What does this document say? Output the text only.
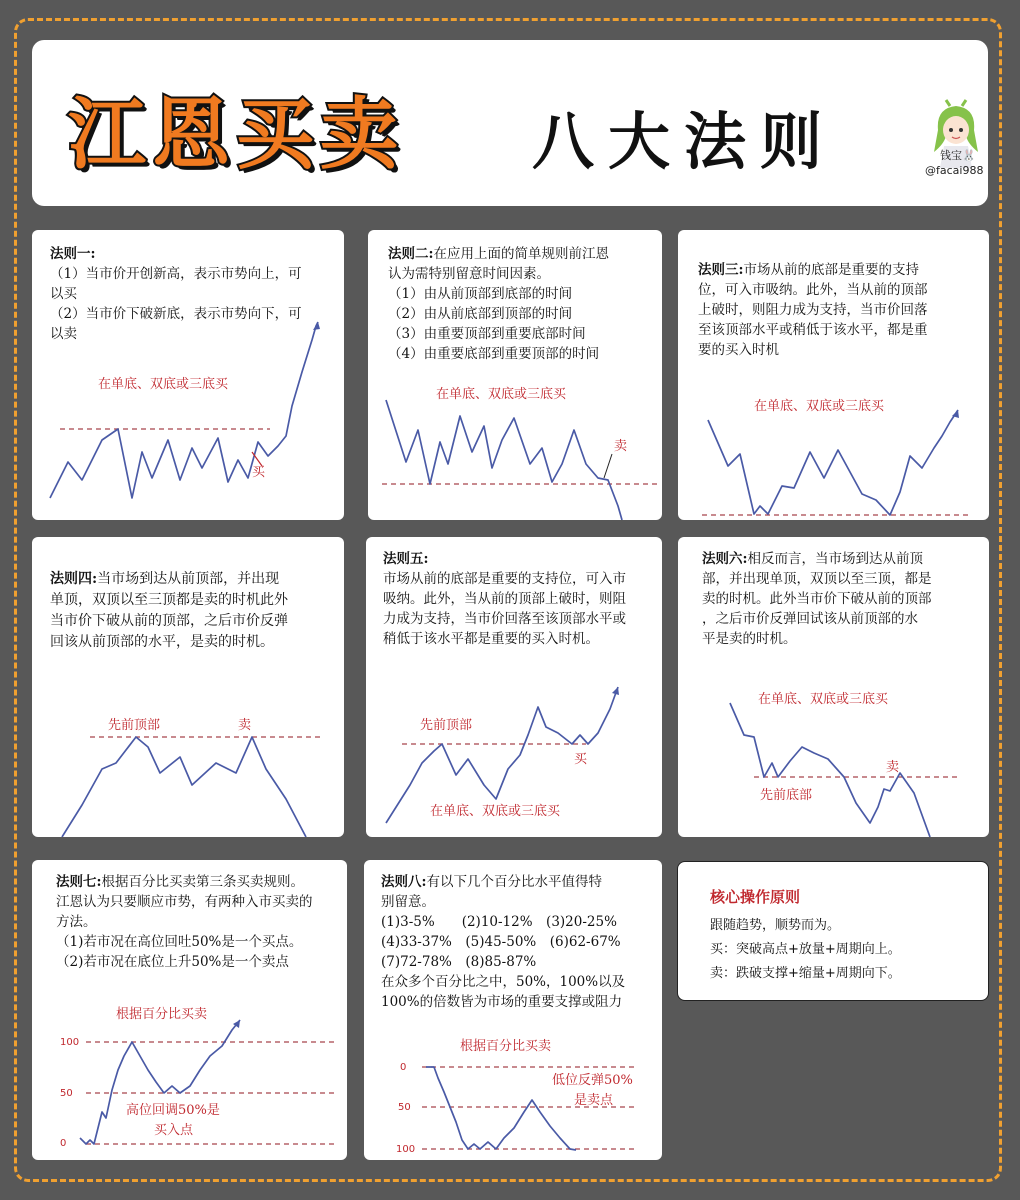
江恩买卖 八大法则	钱宝🐰
@facai988
法则一:
（1）当市价开创新高，表示市势向上，可
以买
（2）当市价下破新底，表示市势向下，可
以卖
在单底、双底或三底买
买
法则二:在应用上面的简单规则前江恩
认为需特别留意时间因素。
（1）由从前顶部到底部的时间
（2）由从前底部到顶部的时间
（3）由重要顶部到重要底部时间
（4）由重要底部到重要顶部的时间
在单底、双底或三底买
卖
法则三:市场从前的底部是重要的支持
位，可入市吸纳。此外，当从前的顶部
上破时，则阻力成为支持，当市价回落
至该顶部水平或稍低于该水平，都是重
要的买入时机
在单底、双底或三底买
法则四:当市场到达从前顶部，并出现
单顶，双顶以至三顶都是卖的时机此外
当市价下破从前的顶部，之后市价反弹
回该从前顶部的水平，是卖的时机。
先前顶部	卖
法则五:
市场从前的底部是重要的支持位，可入市
吸纳。此外，当从前的顶部上破时，则阻
力成为支持，当市价回落至该顶部水平或
稍低于该水平都是重要的买入时机。
先前顶部
买
在单底、双底或三底买
法则六:相反而言，当市场到达从前顶
部，并出现单顶，双顶以至三顶，都是
卖的时机。此外当市价下破从前的顶部
，之后市价反弹回试该从前顶部的水
平是卖的时机。
在单底、双底或三底买
卖
先前底部
法则七:根据百分比买卖第三条买卖规则。
江恩认为只要顺应市势，有两种入市买卖的
方法。
（1)若市况在高位回吐50%是一个买点。
（2)若市况在底位上升50%是一个卖点
根据百分比买卖
100
50
0
高位回调50%是
买入点
法则八:有以下几个百分比水平值得特
别留意。
(1)3-5%　　(2)10-12%　(3)20-25%
(4)33-37%　(5)45-50%　(6)62-67%
(7)72-78%　(8)85-87%
在众多个百分比之中，50%，100%以及
100%的倍数皆为市场的重要支撑或阻力
根据百分比买卖
0
50
100
低位反弹50%
是卖点
核心操作原则
跟随趋势，顺势而为。
买：突破高点+放量+周期向上。
卖：跌破支撑+缩量+周期向下。
